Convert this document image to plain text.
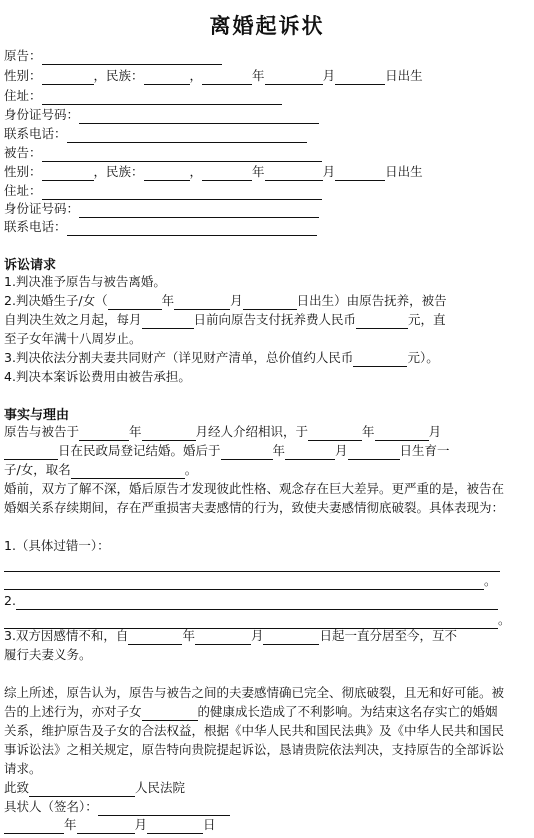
离婚起诉状
原告：
性别：	，民族：	，	年	月	日出生
住址：
身份证号码：
联系电话：
被告：
性别：	，民族：	，	年	月	日出生
住址：
身份证号码：
联系电话：
诉讼请求
1.判决准予原告与被告离婚。
2.判决婚生子/女（	年	月	日出生）由原告抚养，被告
自判决生效之月起，每月	日前向原告支付抚养费人民币	元，直
至子女年满十八周岁止。
3.判决依法分割夫妻共同财产（详见财产清单，总价值约人民币	元）。
4.判决本案诉讼费用由被告承担。
事实与理由
原告与被告于	年	月经人介绍相识，于	年	月
日在民政局登记结婚。婚后于	年	月	日生育一
子/女，取名	。
婚前，双方了解不深，婚后原告才发现彼此性格、观念存在巨大差异。更严重的是，被告在婚姻关系存续期间，存在严重损害夫妻感情的行为，致使夫妻感情彻底破裂。具体表现为：
1.（具体过错一）：
。
2.
。
3.双方因感情不和，自	年	月	日起一直分居至今，互不
履行夫妻义务。
综上所述，原告认为，原告与被告之间的夫妻感情确已完全、彻底破裂，且无和好可能。被告的上述行为，亦对子女	的健康成长造成了不利影响。为结束这名存实亡的婚姻关系，维护原告及子女的合法权益，根据《中华人民共和国民法典》及《中华人民共和国民事诉讼法》之相关规定，原告特向贵院提起诉讼，恳请贵院依法判决，支持原告的全部诉讼请求。
此致	人民法院
具状人（签名）：
年	月	日
